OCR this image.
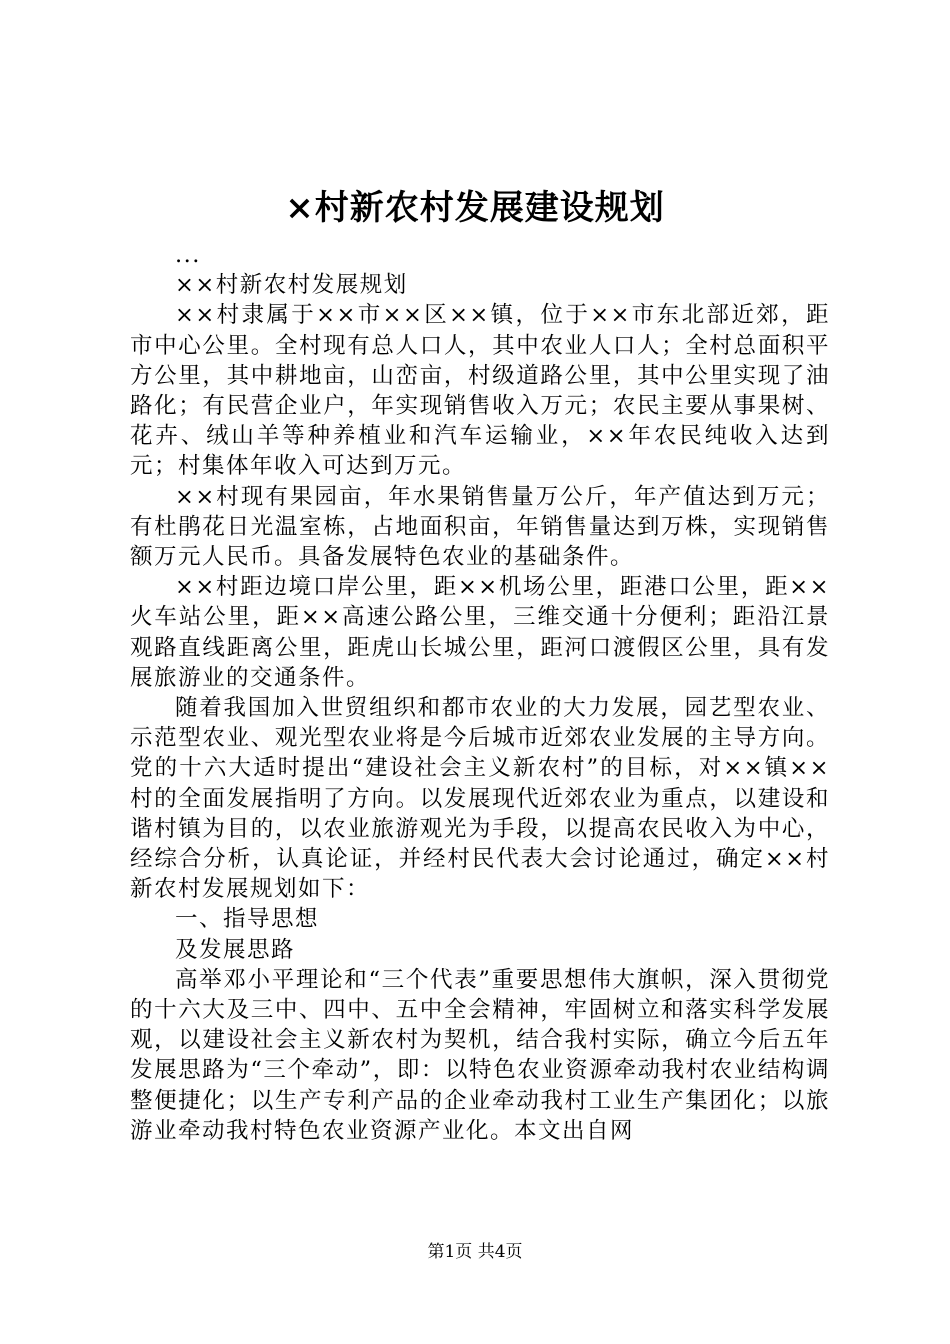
×村新农村发展建设规划

...

××村新农村发展规划

××村隶属于××市××区××镇，位于××市东北部近郊，距市中心公里。全村现有总人口人，其中农业人口人；全村总面积平方公里，其中耕地亩，山峦亩，村级道路公里，其中公里实现了油路化；有民营企业户，年实现销售收入万元；农民主要从事果树、花卉、绒山羊等种养植业和汽车运输业，××年农民纯收入达到元；村集体年收入可达到万元。

××村现有果园亩，年水果销售量万公斤，年产值达到万元；有杜鹃花日光温室栋，占地面积亩，年销售量达到万株，实现销售额万元人民币。具备发展特色农业的基础条件。

××村距边境口岸公里，距××机场公里，距港口公里，距××火车站公里，距××高速公路公里，三维交通十分便利；距沿江景观路直线距离公里，距虎山长城公里，距河口渡假区公里，具有发展旅游业的交通条件。

随着我国加入世贸组织和都市农业的大力发展，园艺型农业、示范型农业、观光型农业将是今后城市近郊农业发展的主导方向。党的十六大适时提出“建设社会主义新农村”的目标，对××镇××村的全面发展指明了方向。以发展现代近郊农业为重点，以建设和谐村镇为目的，以农业旅游观光为手段，以提高农民收入为中心，经综合分析，认真论证，并经村民代表大会讨论通过，确定××村新农村发展规划如下：

一、指导思想

及发展思路

高举邓小平理论和“三个代表”重要思想伟大旗帜，深入贯彻党的十六大及三中、四中、五中全会精神，牢固树立和落实科学发展观，以建设社会主义新农村为契机，结合我村实际，确立今后五年发展思路为“三个牵动”，即：以特色农业资源牵动我村农业结构调整便捷化；以生产专利产品的企业牵动我村工业生产集团化；以旅游业牵动我村特色农业资源产业化。本文出自网

第1页 共4页
